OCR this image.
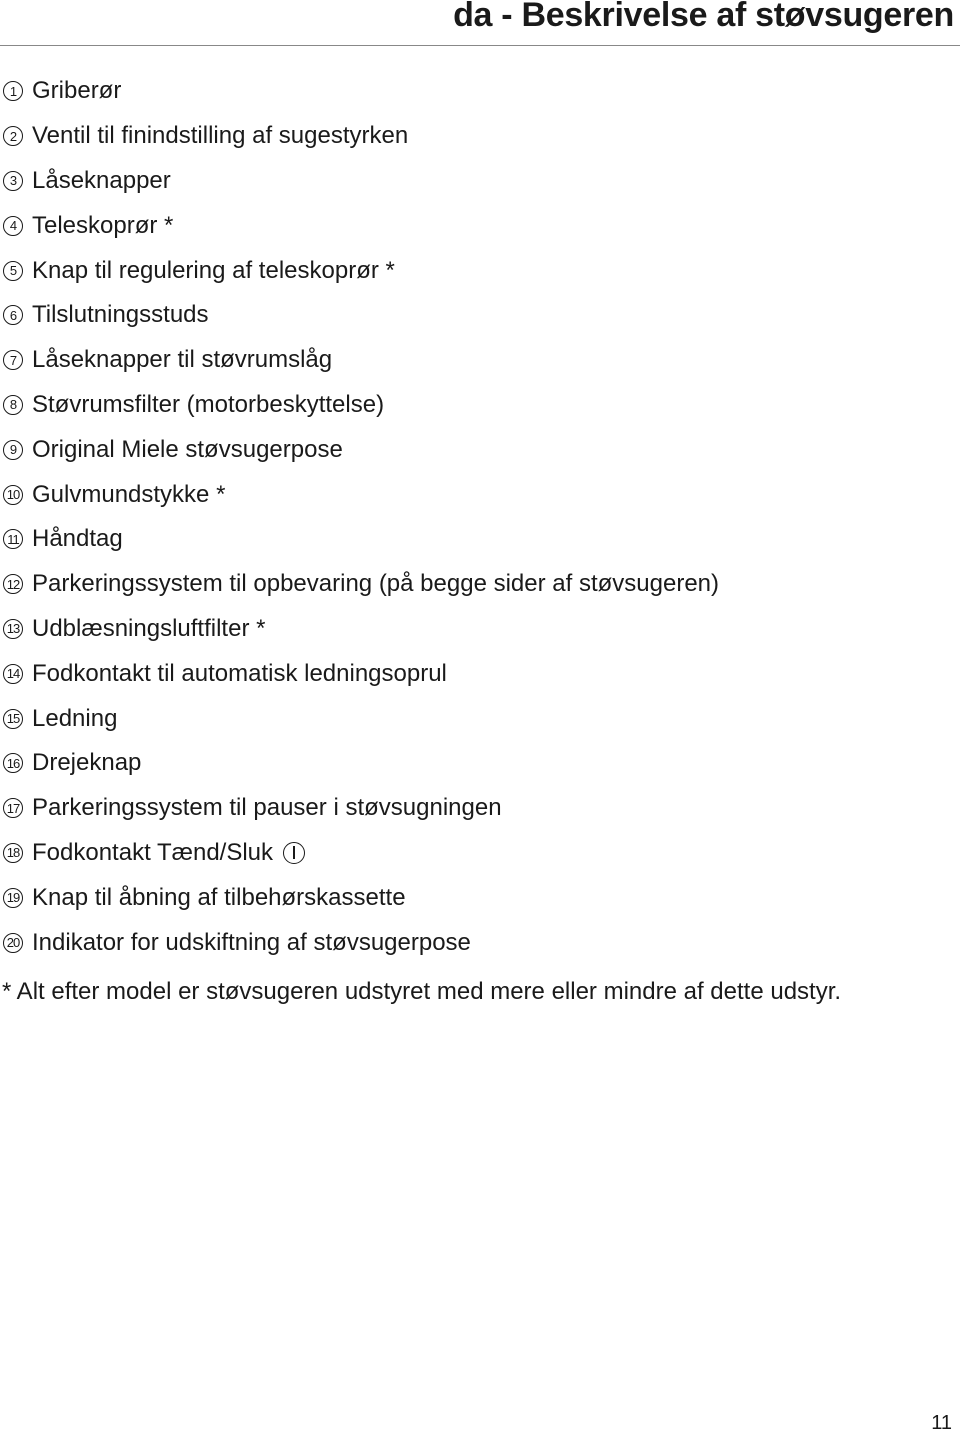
da - Beskrivelse af støvsugeren
1 Griberør
2 Ventil til finindstilling af sugestyrken
3 Låseknapper
4 Teleskoprør *
5 Knap til regulering af teleskoprør *
6 Tilslutningsstuds
7 Låseknapper til støvrumslåg
8 Støvrumsfilter (motorbeskyttelse)
9 Original Miele støvsugerpose
10 Gulvmundstykke *
11 Håndtag
12 Parkeringssystem til opbevaring (på begge sider af støvsugeren)
13 Udblæsningsluftfilter *
14 Fodkontakt til automatisk ledningsoprul
15 Ledning
16 Drejeknap
17 Parkeringssystem til pauser i støvsugningen
18 Fodkontakt Tænd/Sluk
19 Knap til åbning af tilbehørskassette
20 Indikator for udskiftning af støvsugerpose
* Alt efter model er støvsugeren udstyret med mere eller mindre af dette udstyr.
11
